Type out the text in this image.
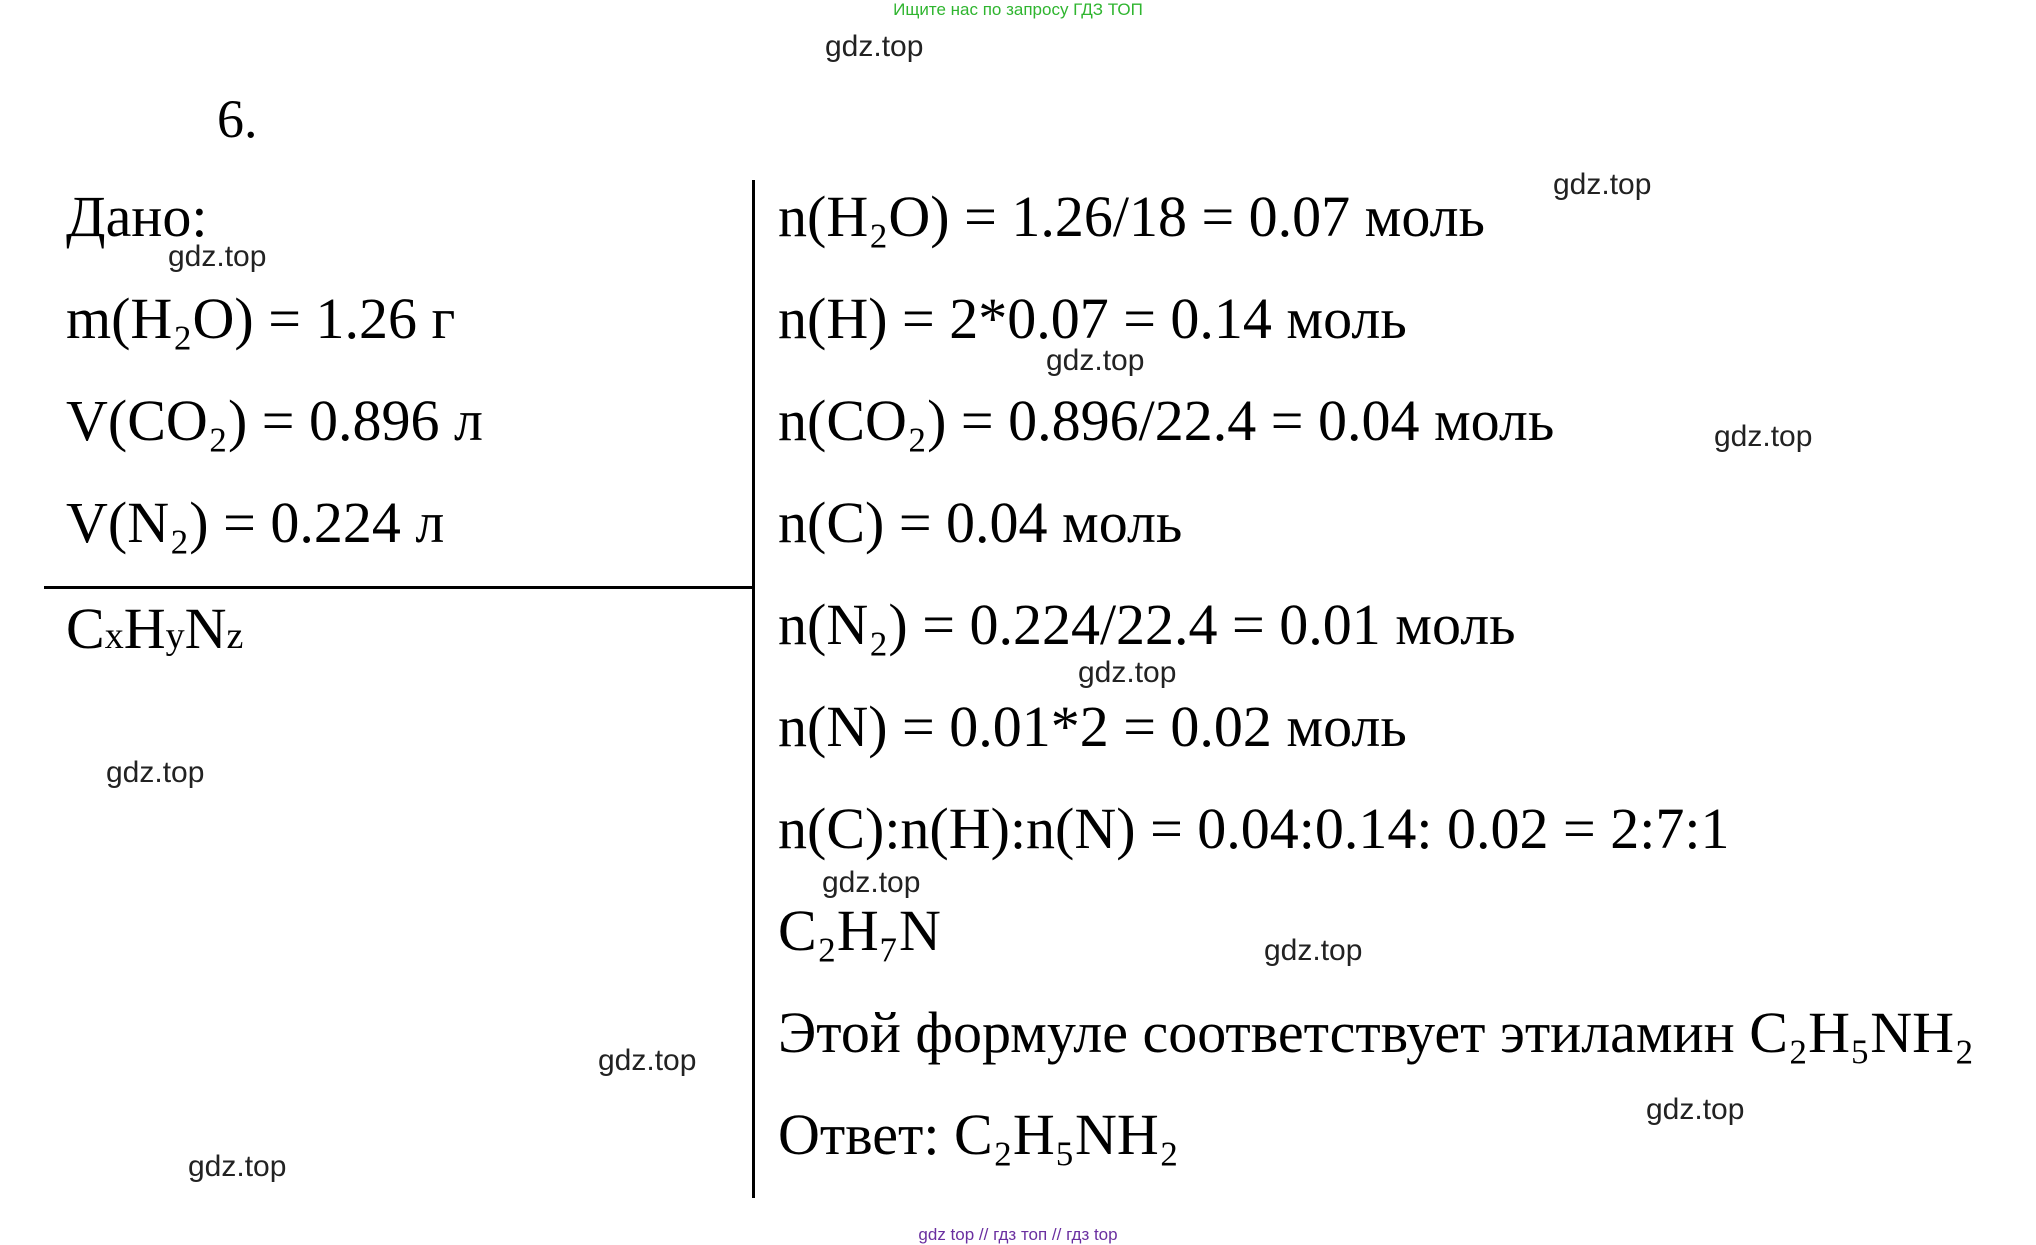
Ищите нас по запросу ГДЗ ТОП
6.
Дано:
m(H₂O) = 1.26 г
V(CO₂) = 0.896 л
V(N₂) = 0.224 л
CxHyNz
n(H₂O) = 1.26/18 = 0.07 моль
n(H) = 2*0.07 = 0.14 моль
n(CO₂) = 0.896/22.4 = 0.04 моль
n(C) = 0.04 моль
n(N₂) = 0.224/22.4 = 0.01 моль
n(N) = 0.01*2 = 0.02 моль
n(C):n(H):n(N) = 0.04:0.14: 0.02 = 2:7:1
C₂H₇N
Этой формуле соответствует этиламин C₂H₅NH₂
Ответ: C₂H₅NH₂
gdz.top
gdz.top
gdz.top
gdz.top
gdz.top
gdz.top
gdz.top
gdz.top
gdz.top
gdz.top
gdz.top
gdz.top
gdz top // гдз топ // гдз top
